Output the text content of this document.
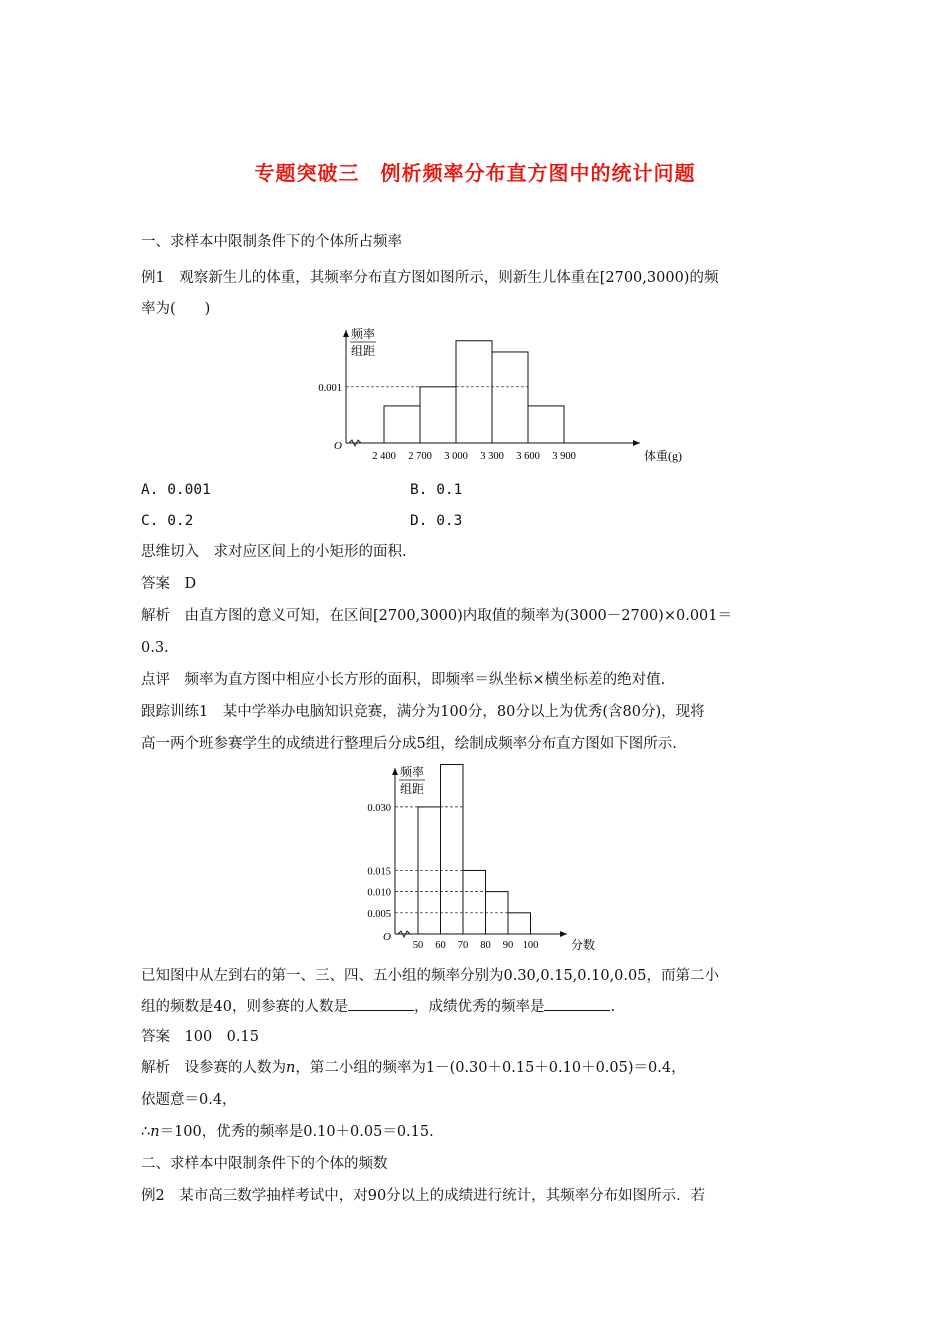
专题突破三　例析频率分布直方图中的统计问题
一、求样本中限制条件下的个体所占频率
例1　观察新生儿的体重，其频率分布直方图如图所示，则新生儿体重在[2700,3000)的频
率为(　　)
O
频率
组距
0.001
2 400 2 700 3 000 3 300 3 600 3 900	体重(g)
A. 0.001	B. 0.1
C. 0.2	D. 0.3
思维切入　求对应区间上的小矩形的面积.
答案　D
解析　由直方图的意义可知，在区间[2700,3000)内取值的频率为(3000－2700)×0.001＝
0.3.
点评　频率为直方图中相应小长方形的面积，即频率＝纵坐标×横坐标差的绝对值.
跟踪训练1　某中学举办电脑知识竞赛，满分为100分，80分以上为优秀(含80分)，现将
高一两个班参赛学生的成绩进行整理后分成5组，绘制成频率分布直方图如下图所示.
O
频率
组距
0.030
0.015
0.010
0.005
50 60 70 80 90 100	分数
已知图中从左到右的第一、三、四、五小组的频率分别为0.30,0.15,0.10,0.05，而第二小
组的频数是40，则参赛的人数是	，成绩优秀的频率是	.
答案　100　0.15
解析　设参赛的人数为n，第二小组的频率为1－(0.30＋0.15＋0.10＋0.05)＝0.4，
依题意＝0.4，
∴n＝100，优秀的频率是0.10＋0.05＝0.15.
二、求样本中限制条件下的个体的频数
例2　某市高三数学抽样考试中，对90分以上的成绩进行统计，其频率分布如图所示．若
